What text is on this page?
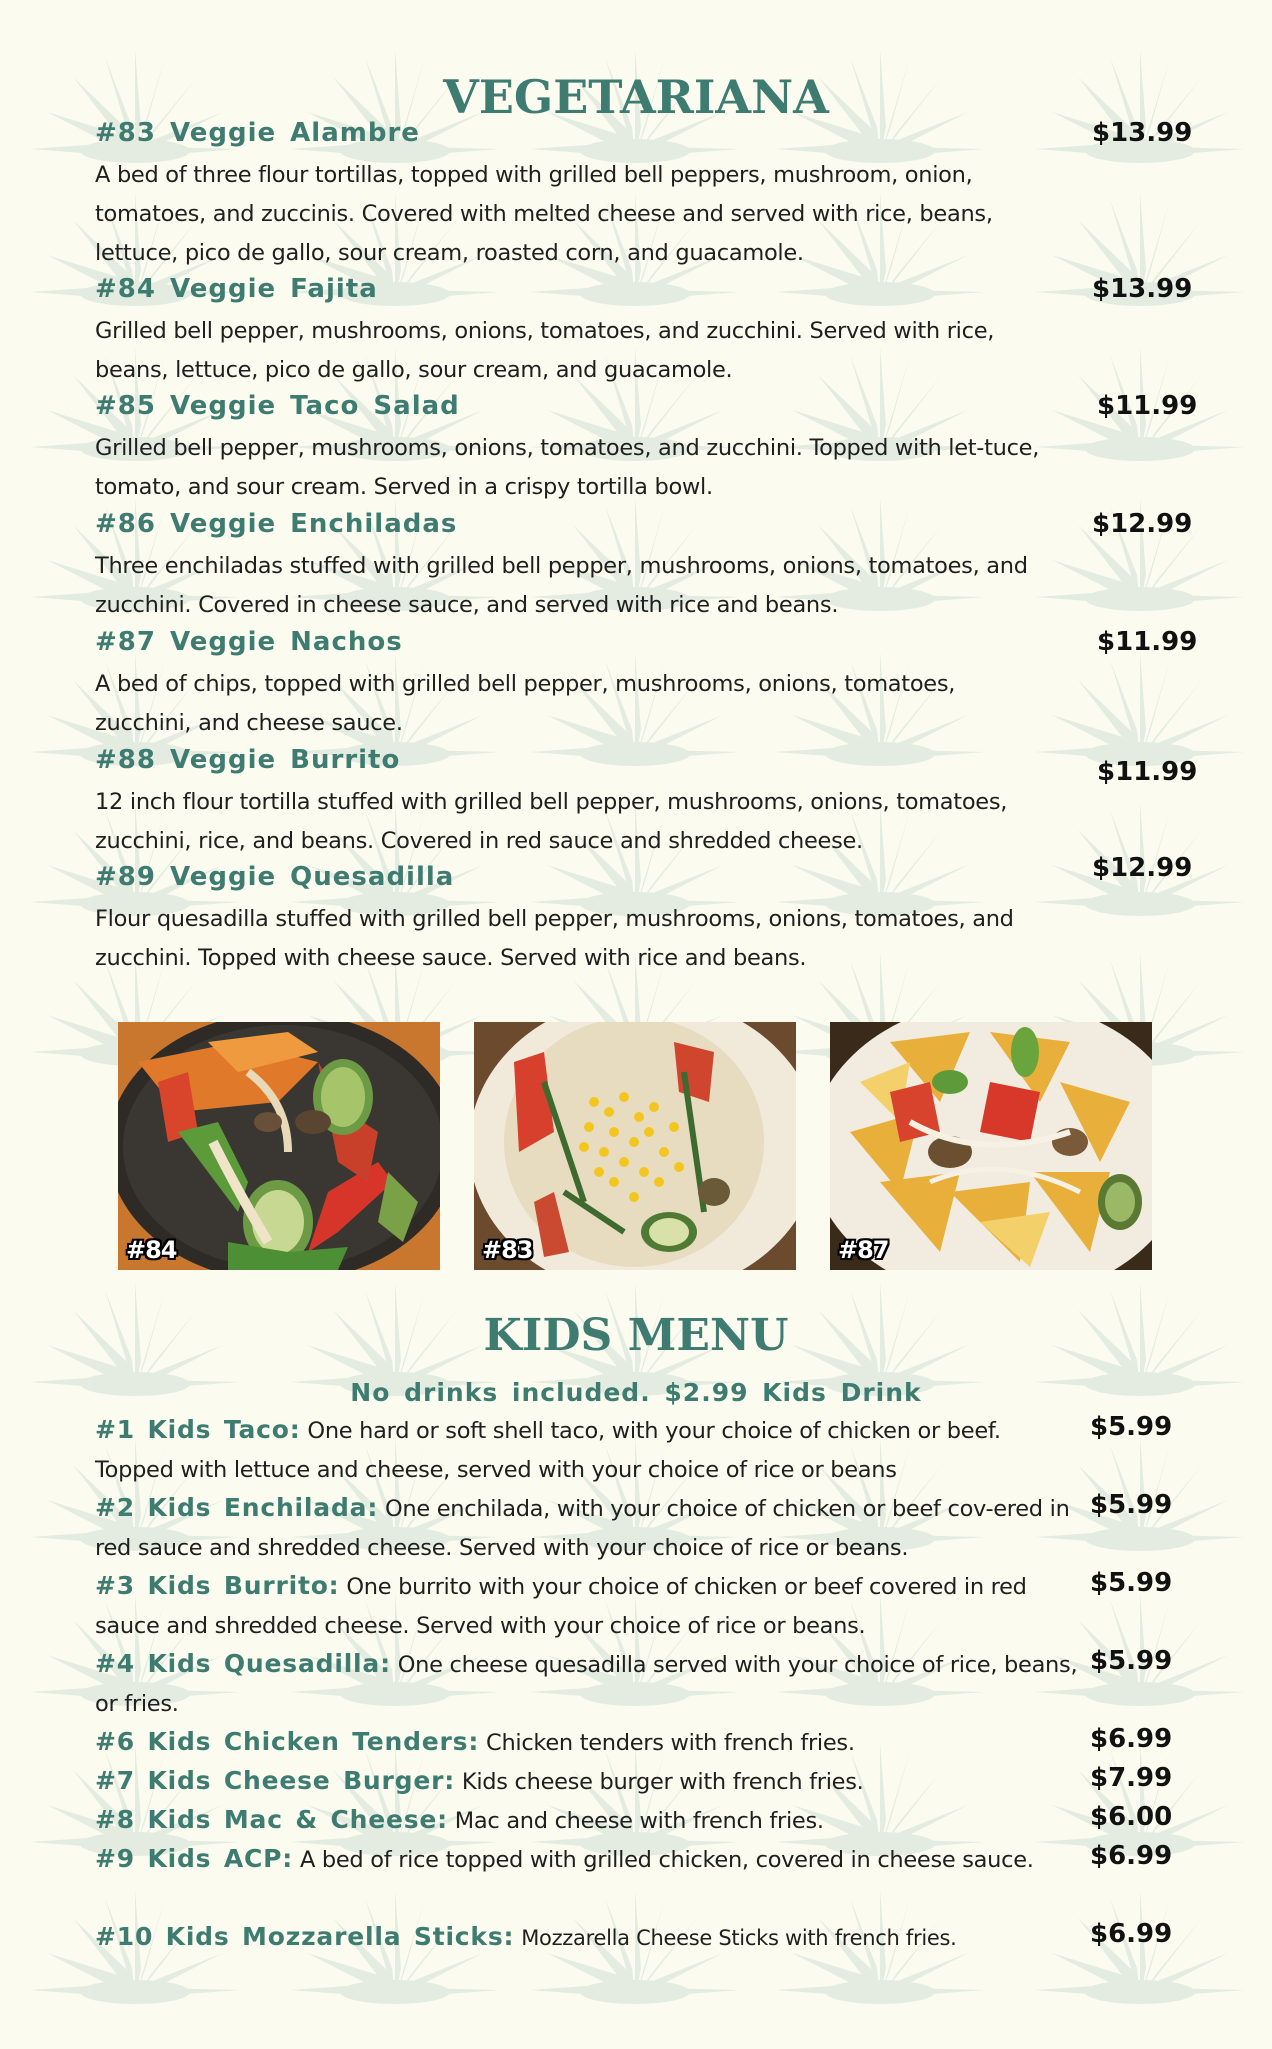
VEGETARIANA
#83 Veggie Alambre	$13.99
A bed of three flour tortillas, topped with grilled bell peppers, mushroom, onion, tomatoes, and zuccinis. Covered with melted cheese and served with rice, beans, lettuce, pico de gallo, sour cream, roasted corn, and guacamole.
#84 Veggie Fajita	$13.99
Grilled bell pepper, mushrooms, onions, tomatoes, and zucchini. Served with rice, beans, lettuce, pico de gallo, sour cream, and guacamole.
#85 Veggie Taco Salad	$11.99
Grilled bell pepper, mushrooms, onions, tomatoes, and zucchini. Topped with let-tuce, tomato, and sour cream. Served in a crispy tortilla bowl.
#86 Veggie Enchiladas	$12.99
Three enchiladas stuffed with grilled bell pepper, mushrooms, onions, tomatoes, and zucchini. Covered in cheese sauce, and served with rice and beans.
#87 Veggie Nachos	$11.99
A bed of chips, topped with grilled bell pepper, mushrooms, onions, tomatoes, zucchini, and cheese sauce.
#88 Veggie Burrito	$11.99
12 inch flour tortilla stuffed with grilled bell pepper, mushrooms, onions, tomatoes, zucchini, rice, and beans. Covered in red sauce and shredded cheese.
#89 Veggie Quesadilla	$12.99
Flour quesadilla stuffed with grilled bell pepper, mushrooms, onions, tomatoes, and zucchini. Topped with cheese sauce. Served with rice and beans.
#84	#83	#87
KIDS MENU
No drinks included. $2.99 Kids Drink
#1 Kids Taco: One hard or soft shell taco, with your choice of chicken or beef. Topped with lettuce and cheese, served with your choice of rice or beans
$5.99
#2 Kids Enchilada: One enchilada, with your choice of chicken or beef cov-ered in red sauce and shredded cheese. Served with your choice of rice or beans.
$5.99
#3 Kids Burrito: One burrito with your choice of chicken or beef covered in red sauce and shredded cheese. Served with your choice of rice or beans.
$5.99
#4 Kids Quesadilla: One cheese quesadilla served with your choice of rice, beans, or fries.
$5.99
#6 Kids Chicken Tenders: Chicken tenders with french fries.	$6.99
#7 Kids Cheese Burger: Kids cheese burger with french fries.	$7.99
#8 Kids Mac & Cheese: Mac and cheese with french fries.	$6.00
#9 Kids ACP: A bed of rice topped with grilled chicken, covered in cheese sauce.	$6.99
#10 Kids Mozzarella Sticks: Mozzarella Cheese Sticks with french fries.	$6.99
